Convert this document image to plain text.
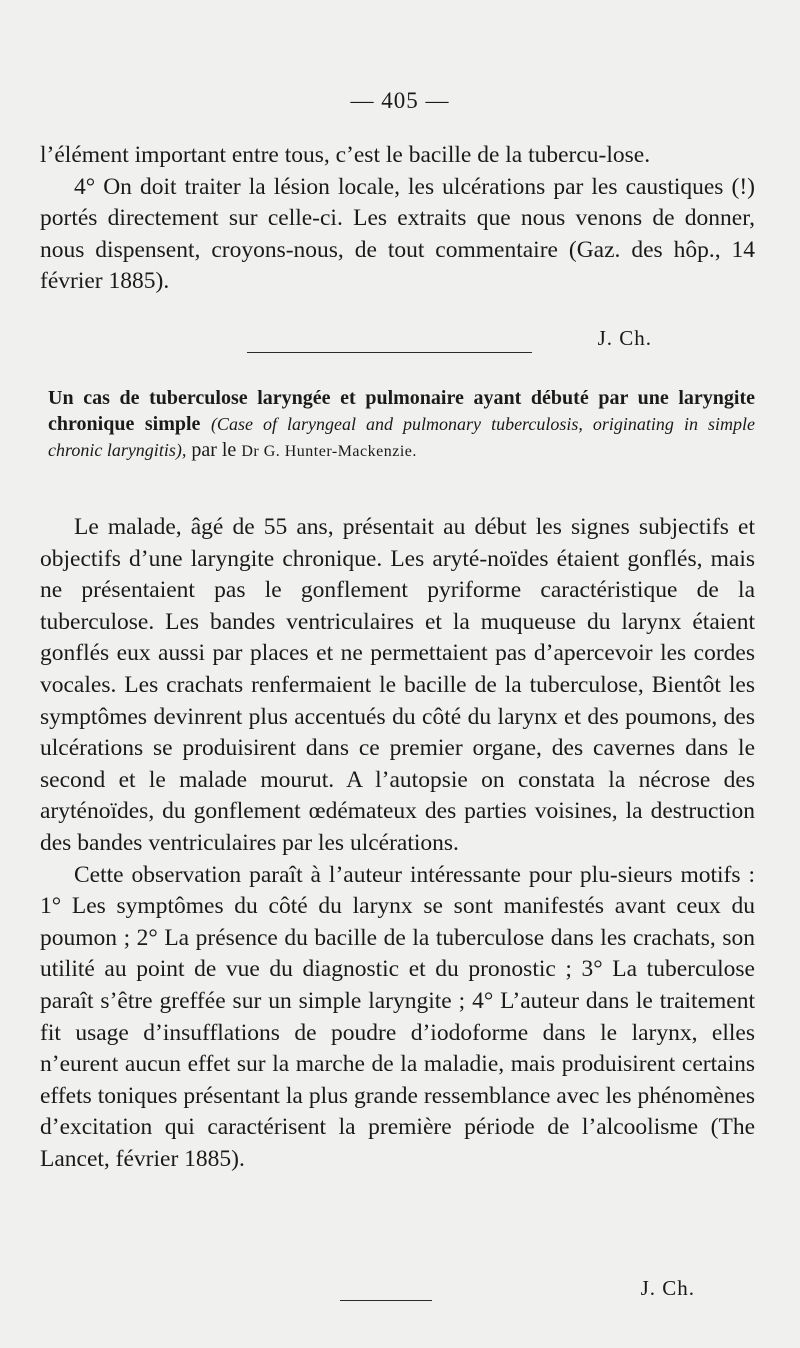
— 405 —

l’élément important entre tous, c’est le bacille de la tubercu-lose.

4° On doit traiter la lésion locale, les ulcérations par les caustiques (!) portés directement sur celle-ci. Les extraits que nous venons de donner, nous dispensent, croyons-nous, de tout commentaire (Gaz. des hôp., 14 février 1885).

J. Ch.
Un cas de tuberculose laryngée et pulmonaire ayant débuté par une laryngite chronique simple (Case of laryngeal and pulmonary tuberculosis, originating in simple chronic laryngitis), par le Dr G. Hunter-Mackenzie.

Le malade, âgé de 55 ans, présentait au début les signes subjectifs et objectifs d’une laryngite chronique. Les aryté-noïdes étaient gonflés, mais ne présentaient pas le gonflement pyriforme caractéristique de la tuberculose. Les bandes ventriculaires et la muqueuse du larynx étaient gonflés eux aussi par places et ne permettaient pas d’apercevoir les cordes vocales. Les crachats renfermaient le bacille de la tuberculose, Bientôt les symptômes devinrent plus accentués du côté du larynx et des poumons, des ulcérations se produisirent dans ce premier organe, des cavernes dans le second et le malade mourut. A l’autopsie on constata la nécrose des aryténoïdes, du gonflement œdémateux des parties voisines, la destruction des bandes ventriculaires par les ulcérations.

Cette observation paraît à l’auteur intéressante pour plu-sieurs motifs : 1° Les symptômes du côté du larynx se sont manifestés avant ceux du poumon ; 2° La présence du bacille de la tuberculose dans les crachats, son utilité au point de vue du diagnostic et du pronostic ; 3° La tuberculose paraît s’être greffée sur un simple laryngite ; 4° L’auteur dans le traitement fit usage d’insufflations de poudre d’iodoforme dans le larynx, elles n’eurent aucun effet sur la marche de la maladie, mais produisirent certains effets toniques présentant la plus grande ressemblance avec les phénomènes d’excitation qui caractérisent la première période de l’alcoolisme (The Lancet, février 1885).

J. Ch.
